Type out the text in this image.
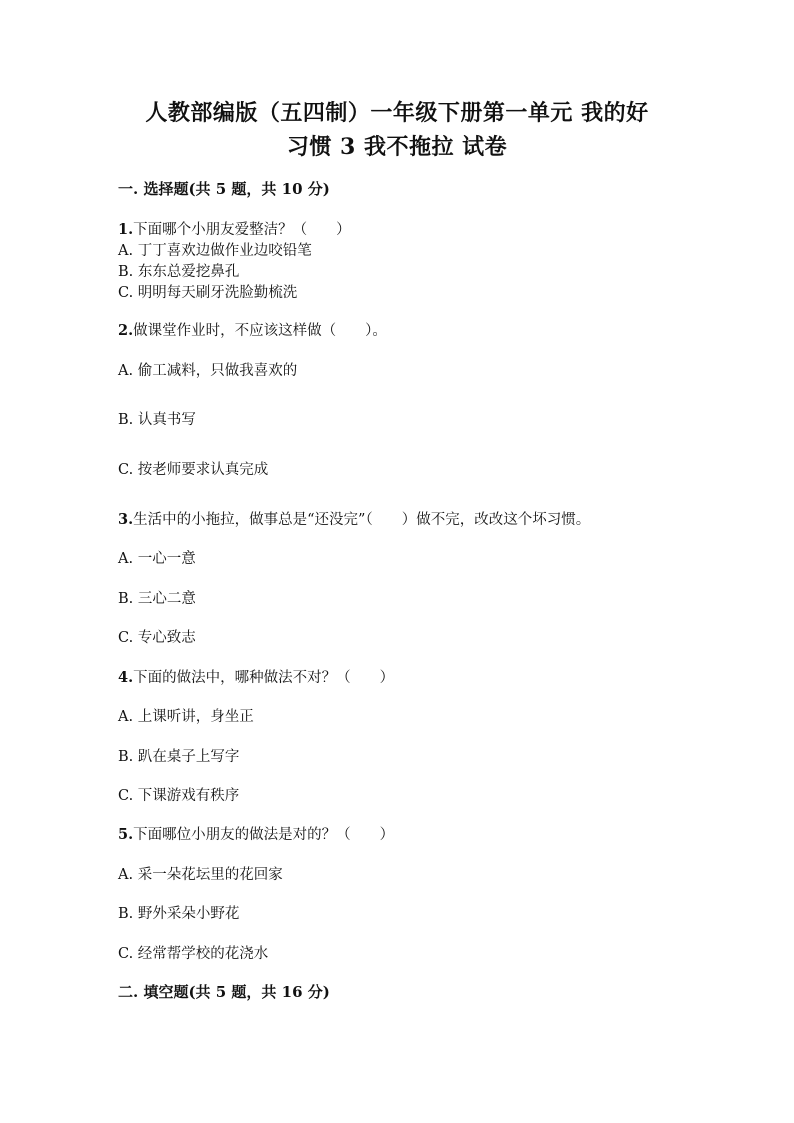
人教部编版（五四制）一年级下册第一单元 我的好
习惯 3 我不拖拉 试卷
一. 选择题(共 5 题，共 10 分)
1.下面哪个小朋友爱整洁？（　　）
A. 丁丁喜欢边做作业边咬铅笔
B. 东东总爱挖鼻孔
C. 明明每天刷牙洗脸勤梳洗
2.做课堂作业时，不应该这样做（　　）。
A. 偷工减料，只做我喜欢的
B. 认真书写
C. 按老师要求认真完成
3.生活中的小拖拉，做事总是“还没完”（　　）做不完，改改这个坏习惯。
A. 一心一意
B. 三心二意
C. 专心致志
4.下面的做法中，哪种做法不对？（　　）
A. 上课听讲，身坐正
B. 趴在桌子上写字
C. 下课游戏有秩序
5.下面哪位小朋友的做法是对的？（　　）
A. 采一朵花坛里的花回家
B. 野外采朵小野花
C. 经常帮学校的花浇水
二. 填空题(共 5 题，共 16 分)
